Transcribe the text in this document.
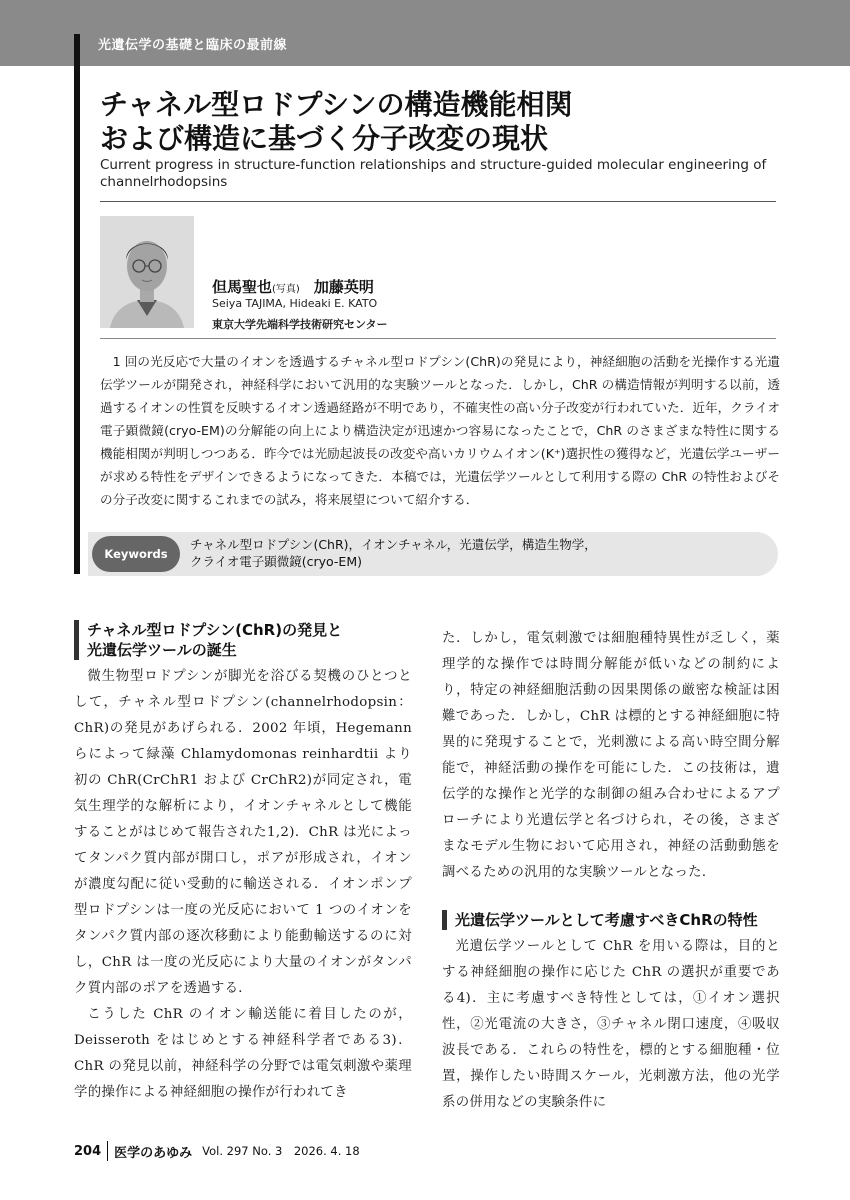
光遺伝学の基礎と臨床の最前線
チャネル型ロドプシンの構造機能相関
および構造に基づく分子改変の現状
Current progress in structure-function relationships and structure-guided molecular engineering of channelrhodopsins
但馬聖也(写真) 加藤英明
Seiya TAJIMA, Hideaki E. KATO
東京大学先端科学技術研究センター
1 回の光反応で大量のイオンを透過するチャネル型ロドプシン(ChR)の発見により，神経細胞の活動を光操作する光遺伝学ツールが開発され，神経科学において汎用的な実験ツールとなった．しかし，ChR の構造情報が判明する以前，透過するイオンの性質を反映するイオン透過経路が不明であり，不確実性の高い分子改変が行われていた．近年，クライオ電子顕微鏡(cryo-EM)の分解能の向上により構造決定が迅速かつ容易になったことで，ChR のさまざまな特性に関する機能相関が判明しつつある．昨今では光励起波長の改変や高いカリウムイオン(K⁺)選択性の獲得など，光遺伝学ユーザーが求める特性をデザインできるようになってきた．本稿では，光遺伝学ツールとして利用する際の ChR の特性およびその分子改変に関するこれまでの試み，将来展望について紹介する．
Keywords
チャネル型ロドプシン(ChR)，イオンチャネル，光遺伝学，構造生物学，
クライオ電子顕微鏡(cryo-EM)
チャネル型ロドプシン(ChR)の発見と
光遺伝学ツールの誕生

微生物型ロドプシンが脚光を浴びる契機のひとつとして，チャネル型ロドプシン(channelrhodopsin：ChR)の発見があげられる．2002 年頃，Hegemann らによって緑藻 Chlamydomonas reinhardtii より初の ChR(CrChR1 および CrChR2)が同定され，電気生理学的な解析により，イオンチャネルとして機能することがはじめて報告された1,2)．ChR は光によってタンパク質内部が開口し，ポアが形成され，イオンが濃度勾配に従い受動的に輸送される．イオンポンプ型ロドプシンは一度の光反応において 1 つのイオンをタンパク質内部の逐次移動により能動輸送するのに対し，ChR は一度の光反応により大量のイオンがタンパク質内部のポアを透過する．

こうした ChR のイオン輸送能に着目したのが，Deisseroth をはじめとする神経科学者である3)．ChR の発見以前，神経科学の分野では電気刺激や薬理学的操作による神経細胞の操作が行われてき

た．しかし，電気刺激では細胞種特異性が乏しく，薬理学的な操作では時間分解能が低いなどの制約により，特定の神経細胞活動の因果関係の厳密な検証は困難であった．しかし，ChR は標的とする神経細胞に特異的に発現することで，光刺激による高い時空間分解能で，神経活動の操作を可能にした．この技術は，遺伝学的な操作と光学的な制御の組み合わせによるアプローチにより光遺伝学と名づけられ，その後，さまざまなモデル生物において応用され，神経の活動動態を調べるための汎用的な実験ツールとなった．

光遺伝学ツールとして考慮すべきChRの特性

光遺伝学ツールとして ChR を用いる際は，目的とする神経細胞の操作に応じた ChR の選択が重要である4)．主に考慮すべき特性としては，①イオン選択性，②光電流の大きさ，③チャネル閉口速度，④吸収波長である．これらの特性を，標的とする細胞種・位置，操作したい時間スケール，光刺激方法，他の光学系の併用などの実験条件に

204 医学のあゆみ Vol. 297 No. 3　2026. 4. 18
